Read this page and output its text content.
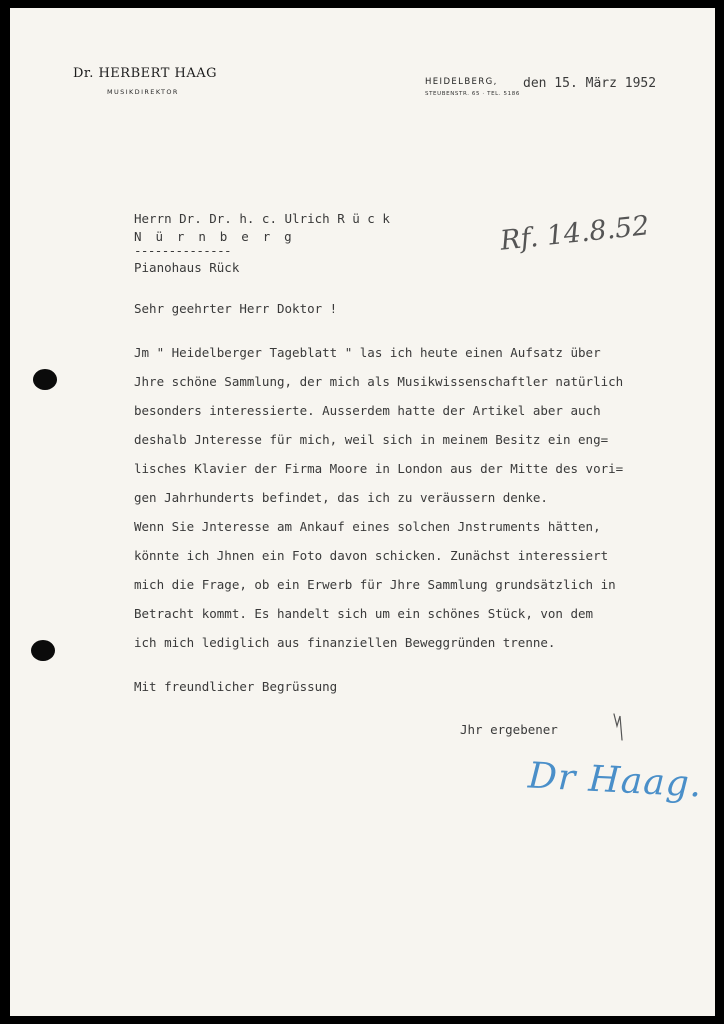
Dr. HERBERT HAAG
MUSIKDIREKTOR
HEIDELBERG,
STEUBENSTR. 65 · TEL. 5186
den 15. März 1952
Herrn Dr. Dr. h. c. Ulrich R ü c k
N ü r n b e r g
--------------
Pianohaus Rück
Rf. 14.8.52
Sehr geehrter Herr Doktor !
Jm " Heidelberger Tageblatt " las ich heute einen Aufsatz über
Jhre schöne Sammlung, der mich als Musikwissenschaftler natürlich
besonders interessierte. Ausserdem hatte der Artikel aber auch
deshalb Jnteresse für mich, weil sich in meinem Besitz ein eng=
lisches Klavier der Firma Moore in London aus der Mitte des vori=
gen Jahrhunderts befindet, das ich zu veräussern denke.
Wenn Sie Jnteresse am Ankauf eines solchen Jnstruments hätten,
könnte ich Jhnen ein Foto davon schicken. Zunächst interessiert
mich die Frage, ob ein Erwerb für Jhre Sammlung grundsätzlich in
Betracht kommt. Es handelt sich um ein schönes Stück, von dem
ich mich lediglich aus finanziellen Beweggründen trenne.
Mit freundlicher Begrüssung
Jhr ergebener
Dr Haag.
